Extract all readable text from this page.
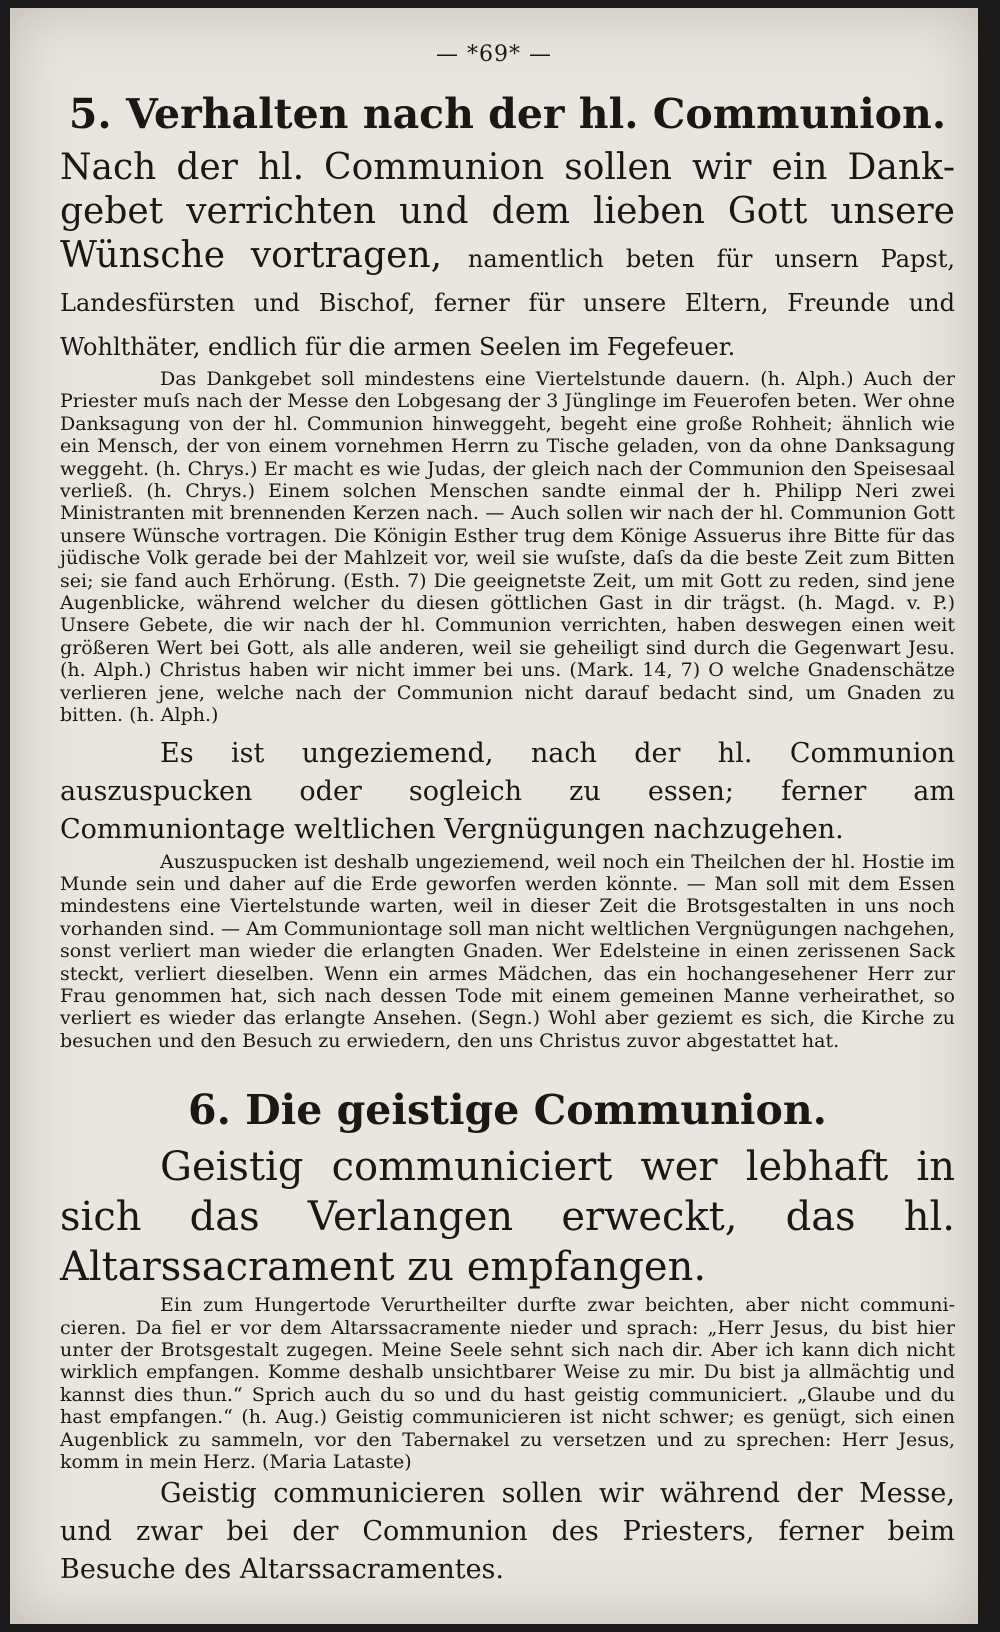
— *69* —
5. Verhalten nach der hl. Communion.

Nach der hl. Communion sollen wir ein Dankgebet verrichten und dem lieben Gott unsere Wünsche vortragen, namentlich beten für unsern Papst, Landesfürsten und Bischof, ferner für unsere Eltern, Freunde und Wohlthäter, endlich für die armen Seelen im Fegefeuer.

Das Dankgebet soll mindestens eine Viertelstunde dauern. (h. Alph.) Auch der Priester muſs nach der Messe den Lobgesang der 3 Jünglinge im Feuerofen beten. Wer ohne Danksagung von der hl. Communion hinweggeht, begeht eine große Rohheit; ähnlich wie ein Mensch, der von einem vornehmen Herrn zu Tische geladen, von da ohne Danksagung weggeht. (h. Chrys.) Er macht es wie Judas, der gleich nach der Communion den Speisesaal verließ. (h. Chrys.) Einem solchen Menschen sandte einmal der h. Philipp Neri zwei Ministranten mit brennenden Kerzen nach. — Auch sollen wir nach der hl. Communion Gott unsere Wünsche vortragen. Die Königin Esther trug dem Könige Assuerus ihre Bitte für das jüdische Volk gerade bei der Mahlzeit vor, weil sie wuſste, daſs da die beste Zeit zum Bitten sei; sie fand auch Erhörung. (Esth. 7) Die geeignetste Zeit, um mit Gott zu reden, sind jene Augenblicke, während welcher du diesen göttlichen Gast in dir trägst. (h. Magd. v. P.) Unsere Gebete, die wir nach der hl. Communion verrichten, haben deswegen einen weit größeren Wert bei Gott, als alle anderen, weil sie geheiligt sind durch die Gegenwart Jesu. (h. Alph.) Christus haben wir nicht immer bei uns. (Mark. 14, 7) O welche Gnadenschätze verlieren jene, welche nach der Communion nicht darauf bedacht sind, um Gnaden zu bitten. (h. Alph.)

Es ist ungeziemend, nach der hl. Communion auszuspucken oder sogleich zu essen; ferner am Communiontage weltlichen Vergnügungen nachzugehen.

Auszuspucken ist deshalb ungeziemend, weil noch ein Theilchen der hl. Hostie im Munde sein und daher auf die Erde geworfen werden könnte. — Man soll mit dem Essen mindestens eine Viertelstunde warten, weil in dieser Zeit die Brotsgestalten in uns noch vorhanden sind. — Am Communiontage soll man nicht weltlichen Vergnügungen nachgehen, sonst verliert man wieder die erlangten Gnaden. Wer Edelsteine in einen zerissenen Sack steckt, verliert dieselben. Wenn ein armes Mädchen, das ein hochangesehener Herr zur Frau genommen hat, sich nach dessen Tode mit einem gemeinen Manne verheirathet, so verliert es wieder das erlangte Ansehen. (Segn.) Wohl aber geziemt es sich, die Kirche zu besuchen und den Besuch zu erwiedern, den uns Christus zuvor abgestattet hat.

6. Die geistige Communion.

Geistig communiciert wer lebhaft in sich das Verlangen erweckt, das hl. Altarssacrament zu empfangen.

Ein zum Hungertode Verurtheilter durfte zwar beichten, aber nicht communicieren. Da fiel er vor dem Altarssacramente nieder und sprach: „Herr Jesus, du bist hier unter der Brotsgestalt zugegen. Meine Seele sehnt sich nach dir. Aber ich kann dich nicht wirklich empfangen. Komme deshalb unsichtbarer Weise zu mir. Du bist ja allmächtig und kannst dies thun.“ Sprich auch du so und du hast geistig communiciert. „Glaube und du hast empfangen.“ (h. Aug.) Geistig communicieren ist nicht schwer; es genügt, sich einen Augenblick zu sammeln, vor den Tabernakel zu versetzen und zu sprechen: Herr Jesus, komm in mein Herz. (Maria Lataste)

Geistig communicieren sollen wir während der Messe, und zwar bei der Communion des Priesters, ferner beim Besuche des Altarssacramentes.
